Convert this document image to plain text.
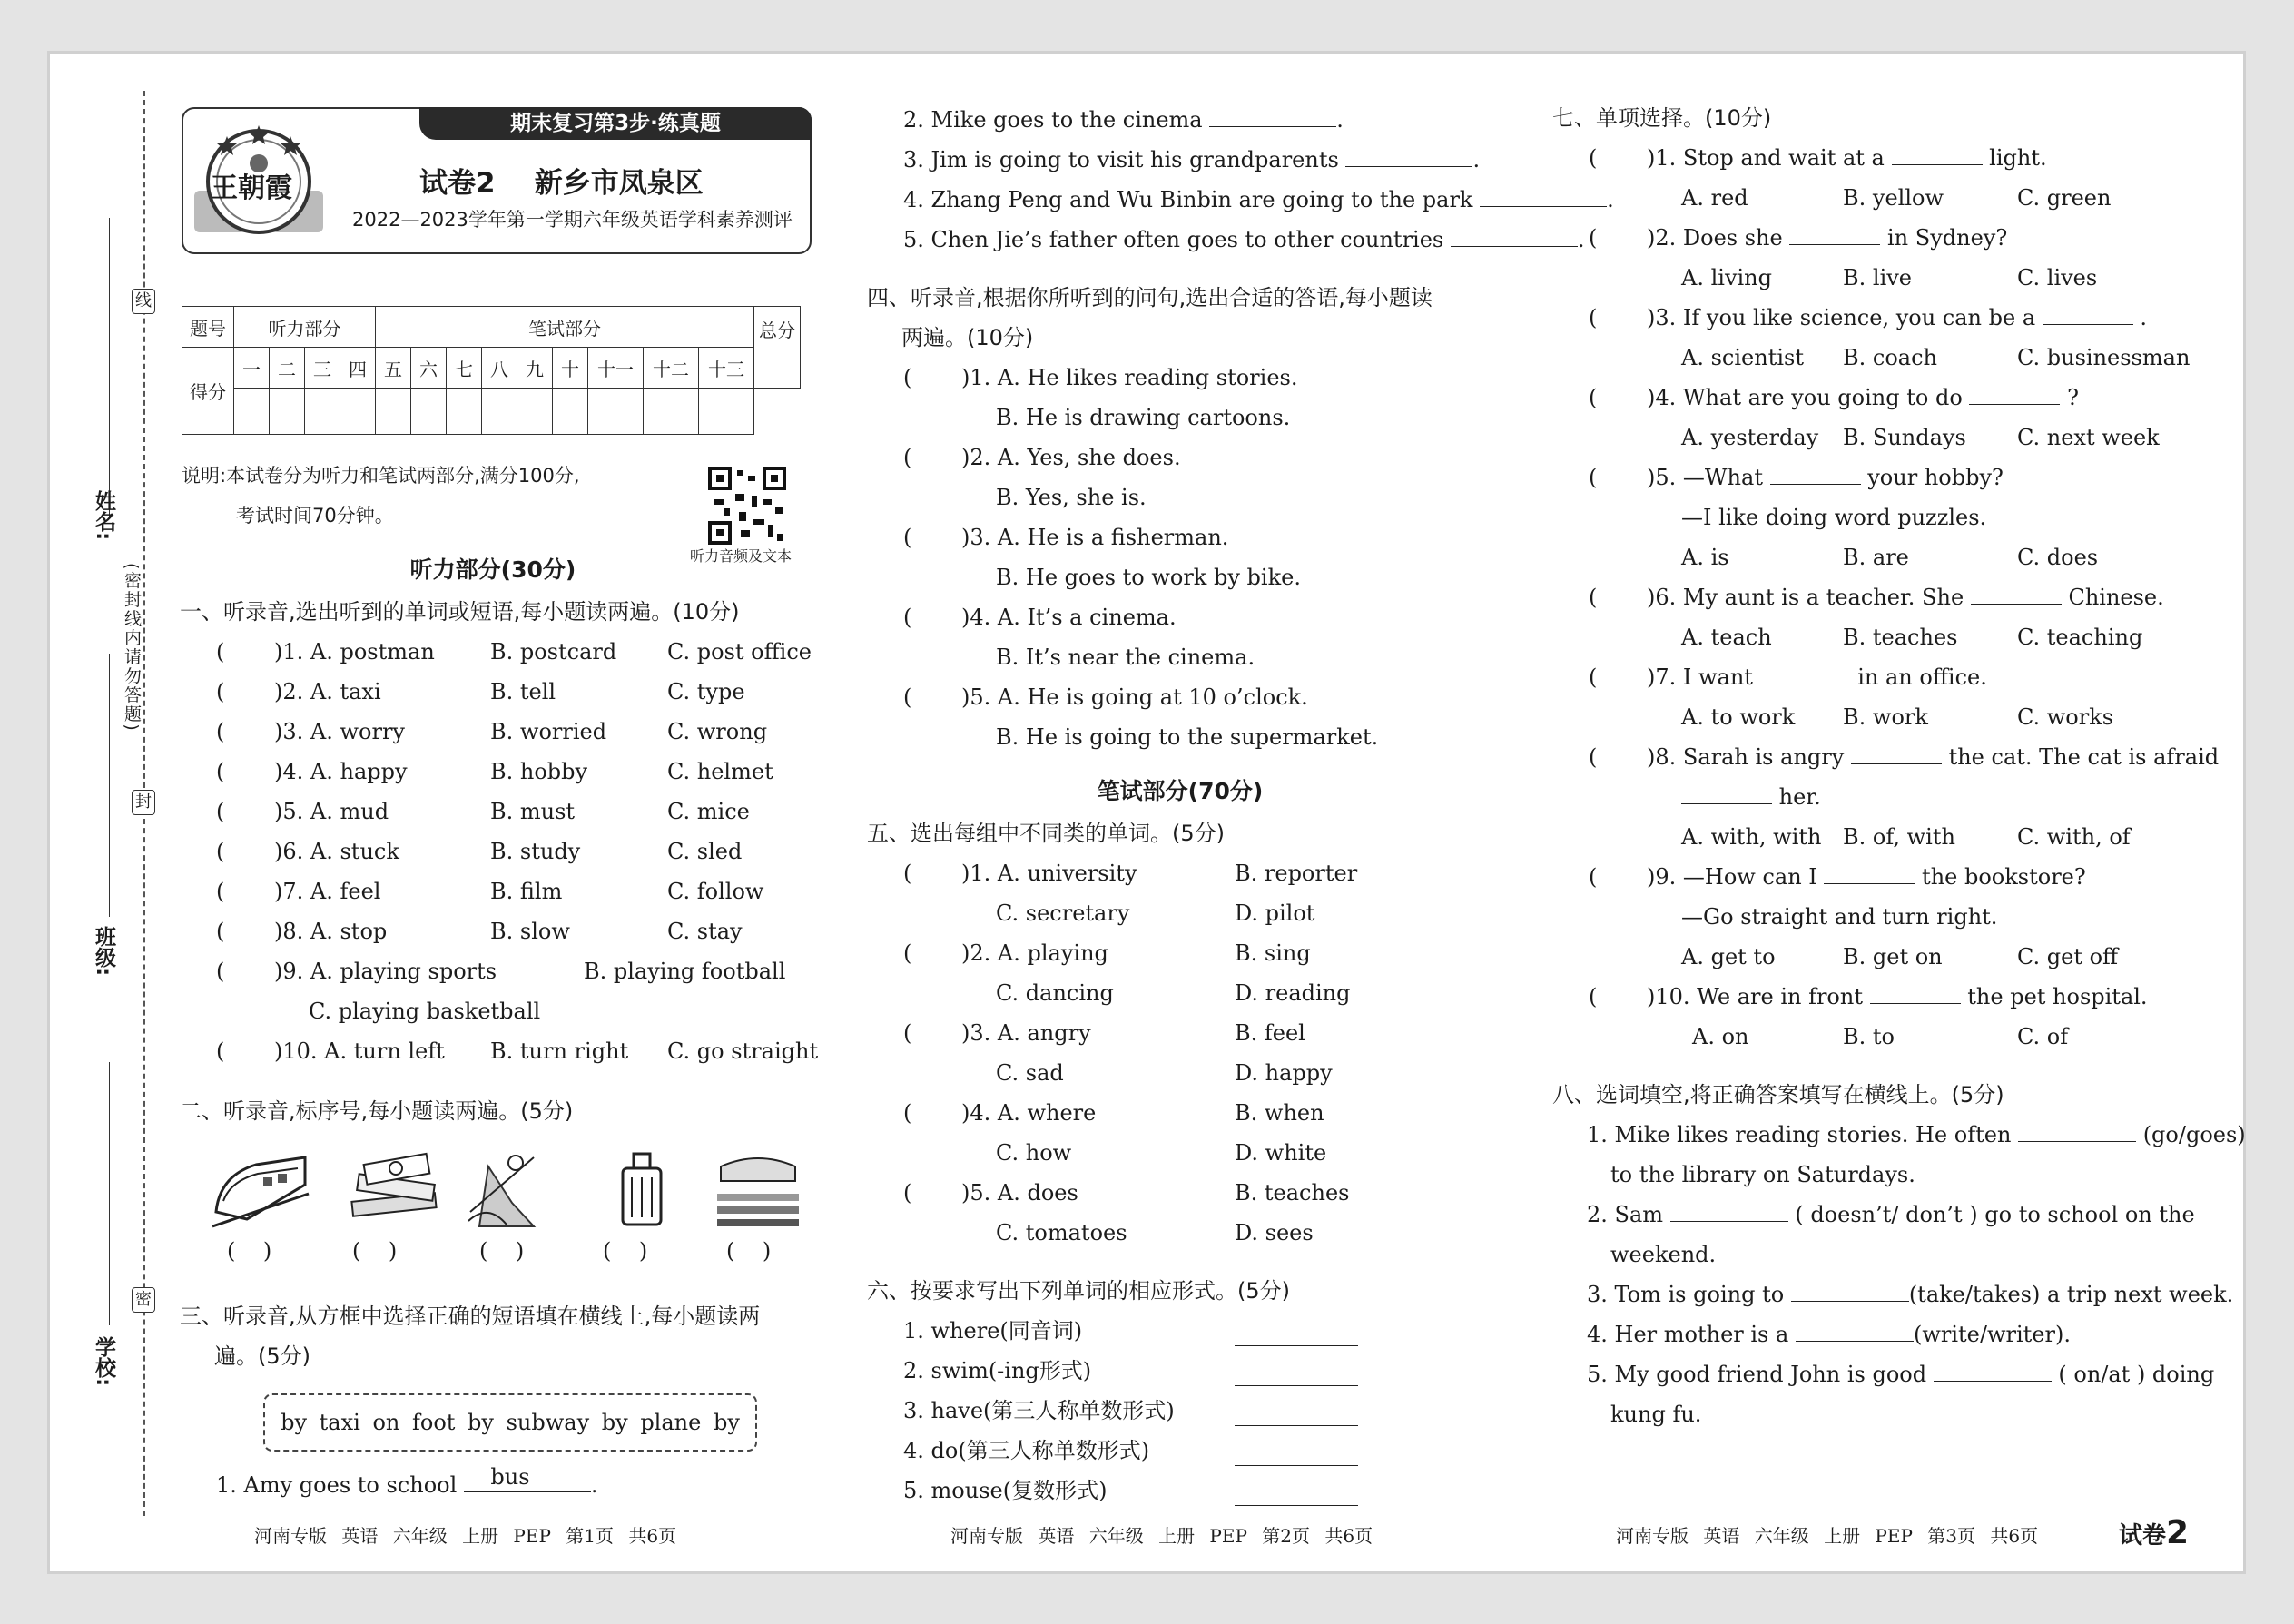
线
封
密
(密封线内请勿答题)
姓名:
班级:
学校:
期末复习第3步·练真题
王朝霞	试卷2    新乡市凤泉区
2022—2023学年第一学期六年级英语学科素养测评
题号	听力部分				笔试部分									总分
得分	一	二	三	四	五	六	七	八	九	十	十一	十二	十三	

听力音频及文本
说明:本试卷分为听力和笔试两部分,满分100分,
考试时间70分钟。
听力部分(30分)
一、听录音,选出听到的单词或短语,每小题读两遍。(10分)
( )1. A. postman	B. postcard C. post office
( )2. A. taxi	B. tell	C. type
( )3. A. worry	B. worried	C. wrong
( )4. A. happy	B. hobby	C. helmet
( )5. A. mud	B. must	C. mice
( )6. A. stuck	B. study	C. sled
( )7. A. feel	B. film	C. follow
( )8. A. stop	B. slow	C. stay
( )9. A. playing sports	B. playing football
C. playing basketball
( )10. A. turn left B. turn right C. go straight
二、听录音,标序号,每小题读两遍。(5分)
(    )	(    )	(    )	(    )	(    )
三、听录音,从方框中选择正确的短语填在横线上,每小题读两
遍。(5分)
by taxi on foot by subway by plane by bus
1. Amy goes to school	.
2. Mike goes to the cinema	.
3. Jim is going to visit his grandparents	.
4. Zhang Peng and Wu Binbin are going to the park
5. Chen Jie’s father often goes to other countries
四、听录音,根据你所听到的问句,选出合适的答语,每小题读
两遍。(10分)
( )1. A. He likes reading stories.
B. He is drawing cartoons.
( )2. A. Yes, she does.
B. Yes, she is.
( )3. A. He is a fisherman.
B. He goes to work by bike.
( )4. A. It’s a cinema.
B. It’s near the cinema.
( )5. A. He is going at 10 o’clock.
B. He is going to the supermarket.
笔试部分(70分)
五、选出每组中不同类的单词。(5分)
( )1. A. university	B. reporter
C. secretary	D. pilot
( )2. A. playing	B. sing
C. dancing	D. reading
( )3. A. angry	B. feel
C. sad	D. happy
( )4. A. where	B. when
C. how	D. white
( )5. A. does	B. teaches
C. tomatoes	D. sees
六、按要求写出下列单词的相应形式。(5分)
1. where(同音词)
2. swim(-ing形式)
3. have(第三人称单数形式)
4. do(第三人称单数形式)
5. mouse(复数形式)
七、单项选择。(10分)
( )1. Stop and wait at a	light.
A. red	B. yellow	C. green
( )2. Does she	in Sydney?
A. living	B. live	C. lives
( )3. If you like science, you can be a	.
A. scientist B. coach	C. businessman
( )4. What are you going to do	?
A. yesterday B. Sundays C. next week
( )5. —What	your hobby?
—I like doing word puzzles.
A. is	B. are	C. does
( )6. My aunt is a teacher. She	Chinese.
A. teach	B. teaches	C. teaching
( )7. I want	in an office.
A. to work B. work	C. works
( )8. Sarah is angry	the cat. The cat is afraid
her.
A. with, with B. of, with	C. with, of
( )9. —How can I	the bookstore?
—Go straight and turn right.
A. get to	B. get on	C. get off
( )10. We are in front	the pet hospital.
A. on	B. to	C. of
八、选词填空,将正确答案填写在横线上。(5分)
1. Mike likes reading stories. He often	(go/goes)
to the library on Saturdays.
2. Sam	( doesn’t/ don’t ) go to school on the
weekend.
3. Tom is going to	(take/takes) a trip next week.
4. Her mother is a	(write/writer).
5. My good friend John is good	( on/at ) doing
kung fu.
河南专版 英语 六年级 上册 PEP 第1页 共6页	河南专版 英语 六年级 上册 PEP 第2页 共6页	河南专版 英语 六年级 上册 PEP 第3页 共6页	试卷2
